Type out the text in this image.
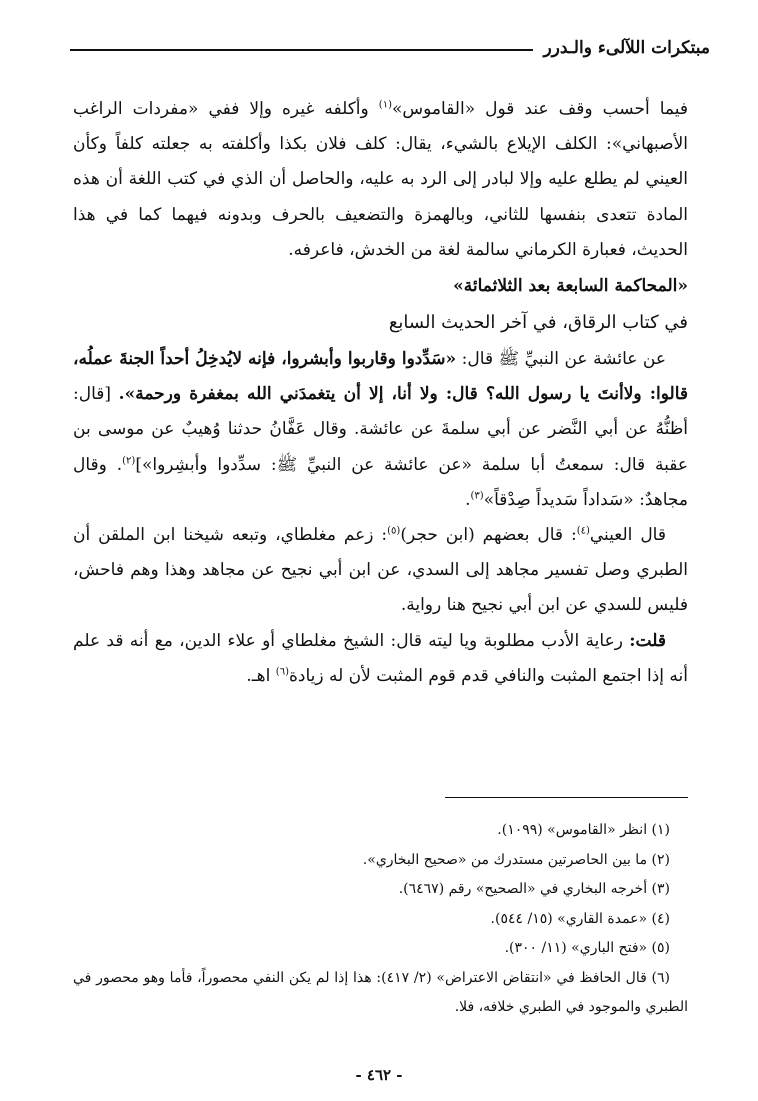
مبتكرات اللآلىء والـدرر

فيما أحسب وقف عند قول «القاموس»$^{(١)}$ وأكلفه غيره وإلا ففي «مفردات الراغب الأصبهاني»: الكلف الإيلاع بالشيء، يقال: كلف فلان بكذا وأكلفته به جعلته كلفاً وكأن العيني لم يطلع عليه وإلا لبادر إلى الرد به عليه، والحاصل أن الذي في كتب اللغة أن هذه المادة تتعدى بنفسها للثاني، وبالهمزة والتضعيف بالحرف وبدونه فيهما كما في هذا الحديث، فعبارة الكرماني سالمة لغة من الخدش، فاعرفه.

«المحاكمة السابعة بعد الثلاثمائة»

في كتاب الرقاق، في آخر الحديث السابع

عن عائشة عن النبيِّ ﷺ قال: «سَدِّدوا وقاربوا وأبشروا، فإنه لايُدخِلُ أحداً الجنةَ عملُه، قالوا: ولاأنتَ يا رسول الله؟ قال: ولا أنا، إلا أن يتغمدَني الله بمغفرة ورحمة». [قال: أظنُّهُ عن أبي النَّضر عن أبي سلمةَ عن عائشة. وقال عَفَّانُ حدثنا وُهيبٌ عن موسى بن عقبة قال: سمعتُ أبا سلمة «عن عائشة عن النبيِّ ﷺ: سدِّدوا وأبشِروا»]$^{(٢)}$. وقال مجاهدٌ: «سَداداً سَديداً صِدْقاً»$^{(٣)}$.

قال العيني$^{(٤)}$: قال بعضهم (ابن حجر)$^{(٥)}$: زعم مغلطاي، وتبعه شيخنا ابن الملقن أن الطبري وصل تفسير مجاهد إلى السدي، عن ابن أبي نجيح عن مجاهد وهذا وهم فاحش، فليس للسدي عن ابن أبي نجيح هنا رواية.

قلت: رعاية الأدب مطلوبة ويا ليته قال: الشيخ مغلطاي أو علاء الدين، مع أنه قد علم أنه إذا اجتمع المثبت والنافي قدم قوم المثبت لأن له زيادة$^{(٦)}$ اهـ.

(١) انظر «القاموس» (١٠٩٩).

(٢) ما بين الحاصرتين مستدرك من «صحيح البخاري».

(٣) أخرجه البخاري في «الصحيح» رقم (٦٤٦٧).

(٤) «عمدة القاري» (١٥/ ٥٤٤).

(٥) «فتح الباري» (١١/ ٣٠٠).

(٦) قال الحافظ في «انتقاض الاعتراض» (٢/ ٤١٧): هذا إذا لم يكن النفي محصوراً، فأما وهو محصور في الطبري والموجود في الطبري خلافه، فلا.

- ٤٦٢ -
